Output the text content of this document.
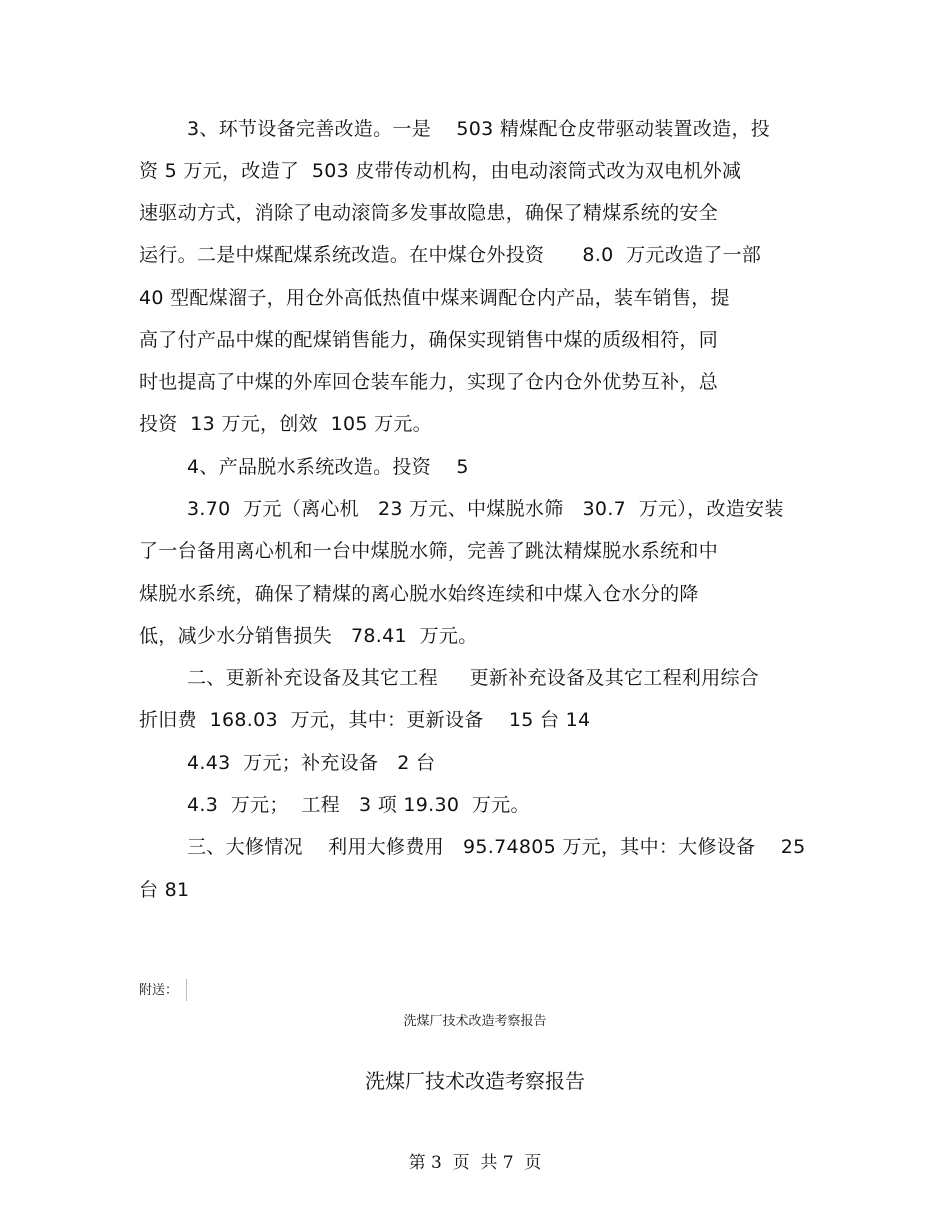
3、环节设备完善改造。一是    503 精煤配仓皮带驱动装置改造，投
资 5 万元，改造了  503 皮带传动机构，由电动滚筒式改为双电机外减
速驱动方式，消除了电动滚筒多发事故隐患，确保了精煤系统的安全
运行。二是中煤配煤系统改造。在中煤仓外投资      8.0  万元改造了一部
40 型配煤溜子，用仓外高低热值中煤来调配仓内产品，装车销售，提
高了付产品中煤的配煤销售能力，确保实现销售中煤的质级相符，同
时也提高了中煤的外库回仓装车能力，实现了仓内仓外优势互补，总
投资  13 万元，创效  105 万元。
4、产品脱水系统改造。投资    5
3.70  万元（离心机   23 万元、中煤脱水筛   30.7  万元），改造安装
了一台备用离心机和一台中煤脱水筛，完善了跳汰精煤脱水系统和中
煤脱水系统，确保了精煤的离心脱水始终连续和中煤入仓水分的降
低，减少水分销售损失   78.41  万元。
二、更新补充设备及其它工程     更新补充设备及其它工程利用综合
折旧费  168.03  万元，其中：更新设备    15 台 14
4.43  万元；补充设备   2 台
4.3  万元；  工程   3 项 19.30  万元。
三、大修情况    利用大修费用   95.74805 万元，其中：大修设备    25
台 81
附送：
洗煤厂技术改造考察报告
洗煤厂技术改造考察报告
第 3  页  共 7  页
